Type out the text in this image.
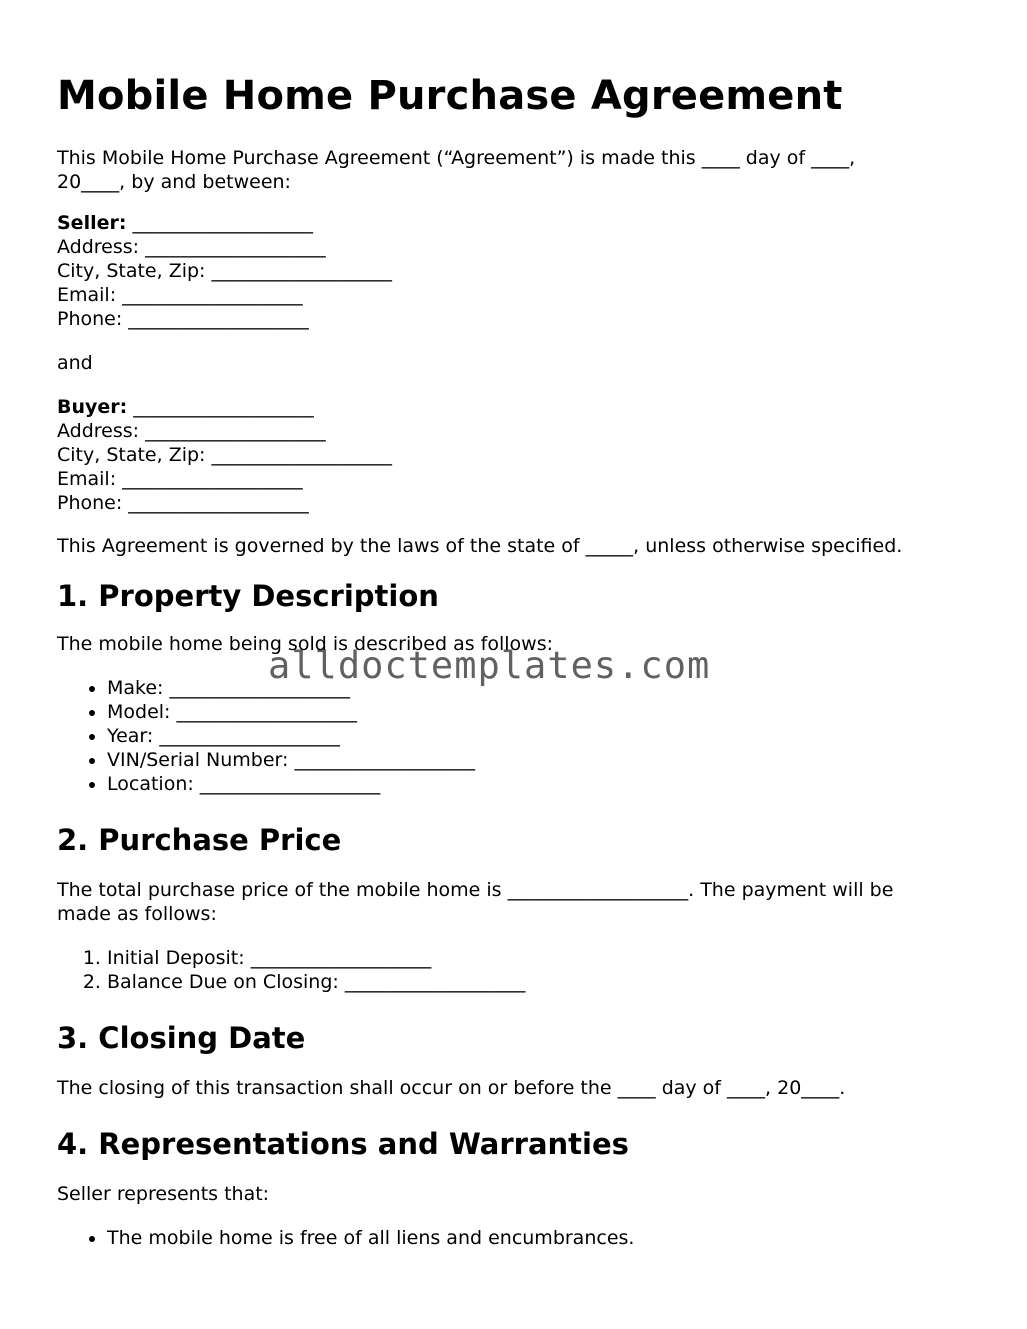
Mobile Home Purchase Agreement

This Mobile Home Purchase Agreement (“Agreement”) is made this ____ day of ____,
20____, by and between:

Seller: ___________________
Address: ___________________
City, State, Zip: ___________________
Email: ___________________
Phone: ___________________

and

Buyer: ___________________
Address: ___________________
City, State, Zip: ___________________
Email: ___________________
Phone: ___________________

This Agreement is governed by the laws of the state of _____, unless otherwise specified.

1. Property Description

The mobile home being sold is described as follows:

• Make: ___________________
• Model: ___________________
• Year: ___________________
• VIN/Serial Number: ___________________
• Location: ___________________
2. Purchase Price

The total purchase price of the mobile home is ___________________. The payment will be
made as follows:

1. Initial Deposit: ___________________
2. Balance Due on Closing: ___________________
3. Closing Date

The closing of this transaction shall occur on or before the ____ day of ____, 20____.

4. Representations and Warranties

Seller represents that:

• The mobile home is free of all liens and encumbrances.
alldoctemplates.com
